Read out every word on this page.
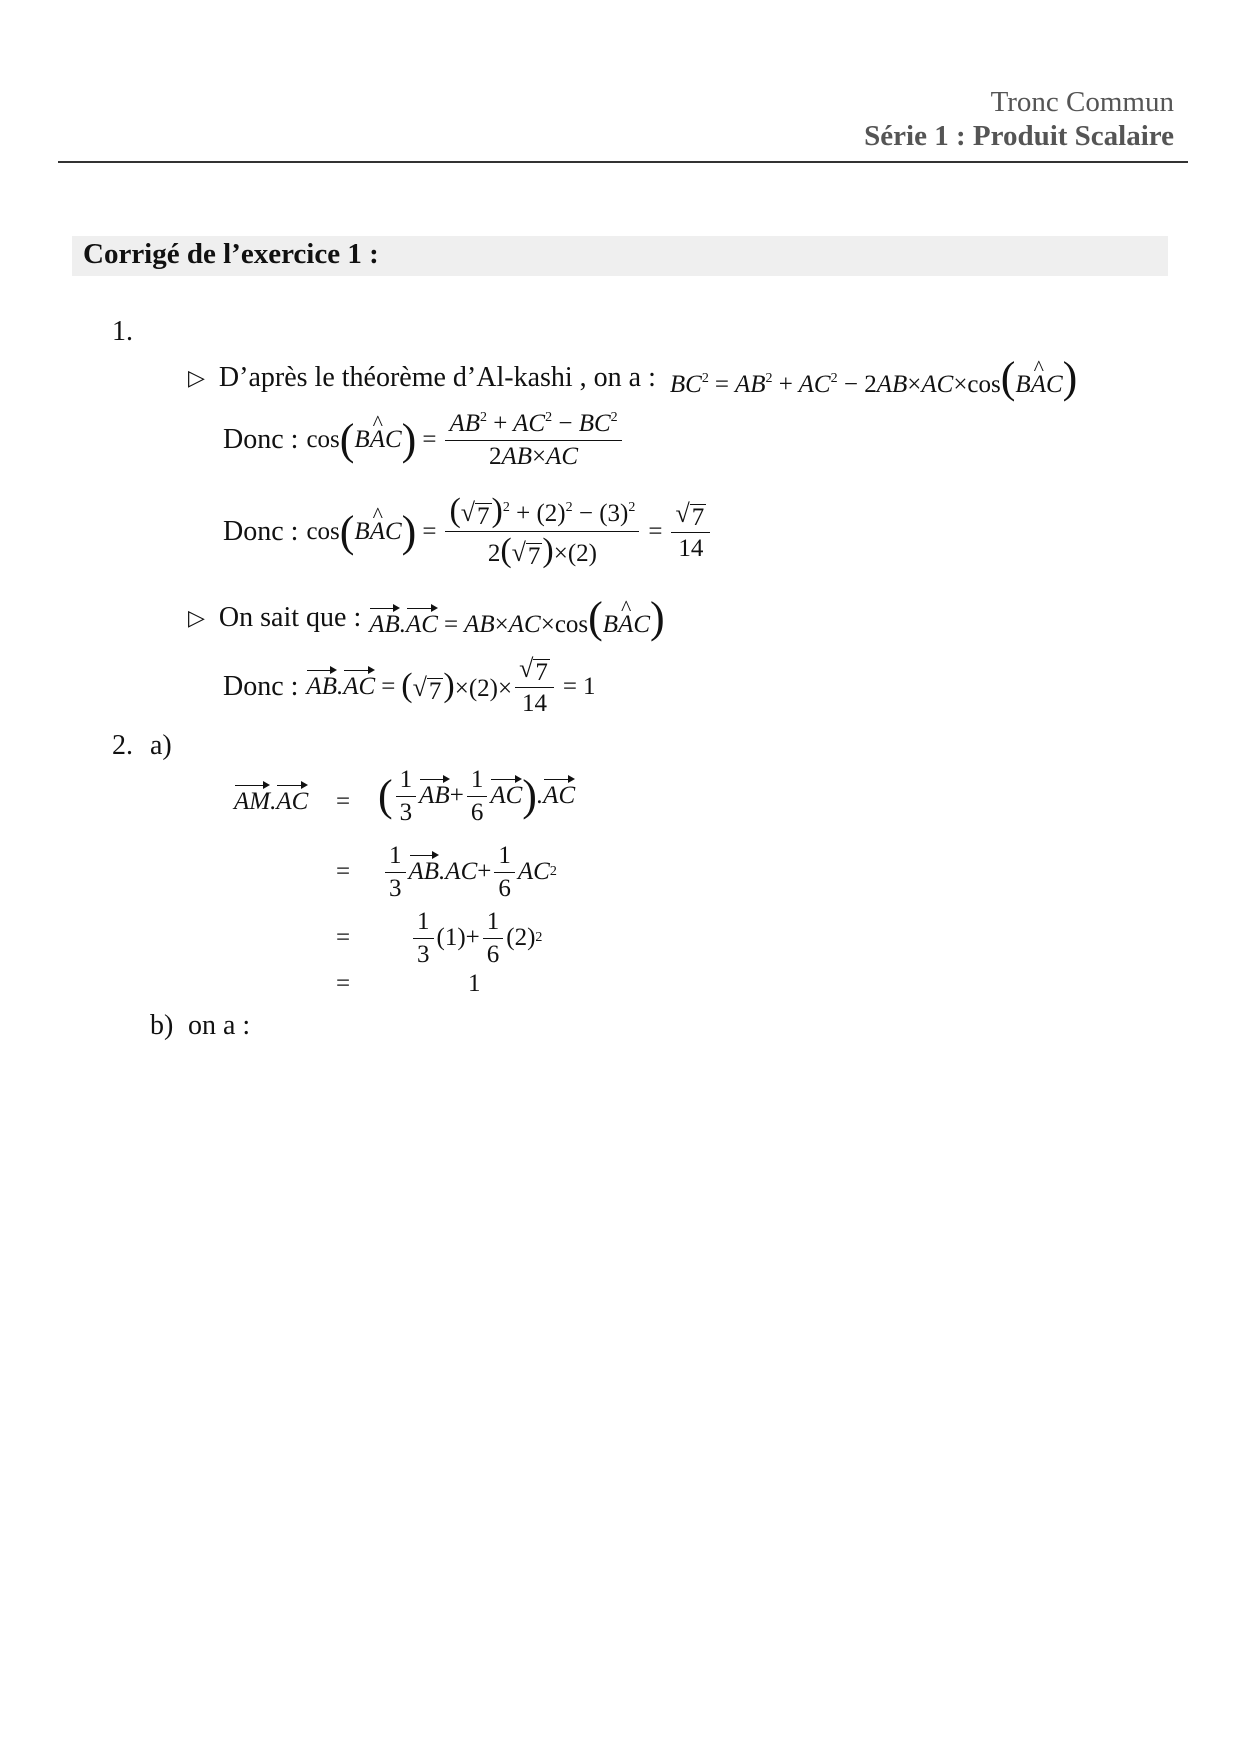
Tronc Commun
Série 1 : Produit Scalaire
Corrigé de l’exercice 1 :
1.
▷ D’après le théorème d’Al-kashi , on a : $BC^2 = AB^2 + AC^2$ − 2AB×AC×cos(B^ AC)
Donc : cos ( B ^ A C ) = $\frac{AB^2 + AC^2 - BC^2}{2AB\times AC}$
Donc : cos ( B ^ A C ) = $\frac{( √ 7 )^2 + (2)^2 - (3)^2}{2( √ 7 )\times(2)} = \frac{√ 7}{14}$
▷ On sait que : AB.AC = AB×AC×cos(B^ AC)
Donc : AB . AC = ( √ 7 )$\times(2)\times \frac{√ 7}{14} = 1$
2. a)
AM . AC = ( $\frac{1}{3}$ AB + $\frac{1}{6}$ AC ) . AC
= $\frac{1}{3}$ AB $.AC + \frac{1}{6}$ AC 2
=	$\frac{1}{3} (1)+ \frac{1}{6} (2)$ 2
=	1
b) on a :
